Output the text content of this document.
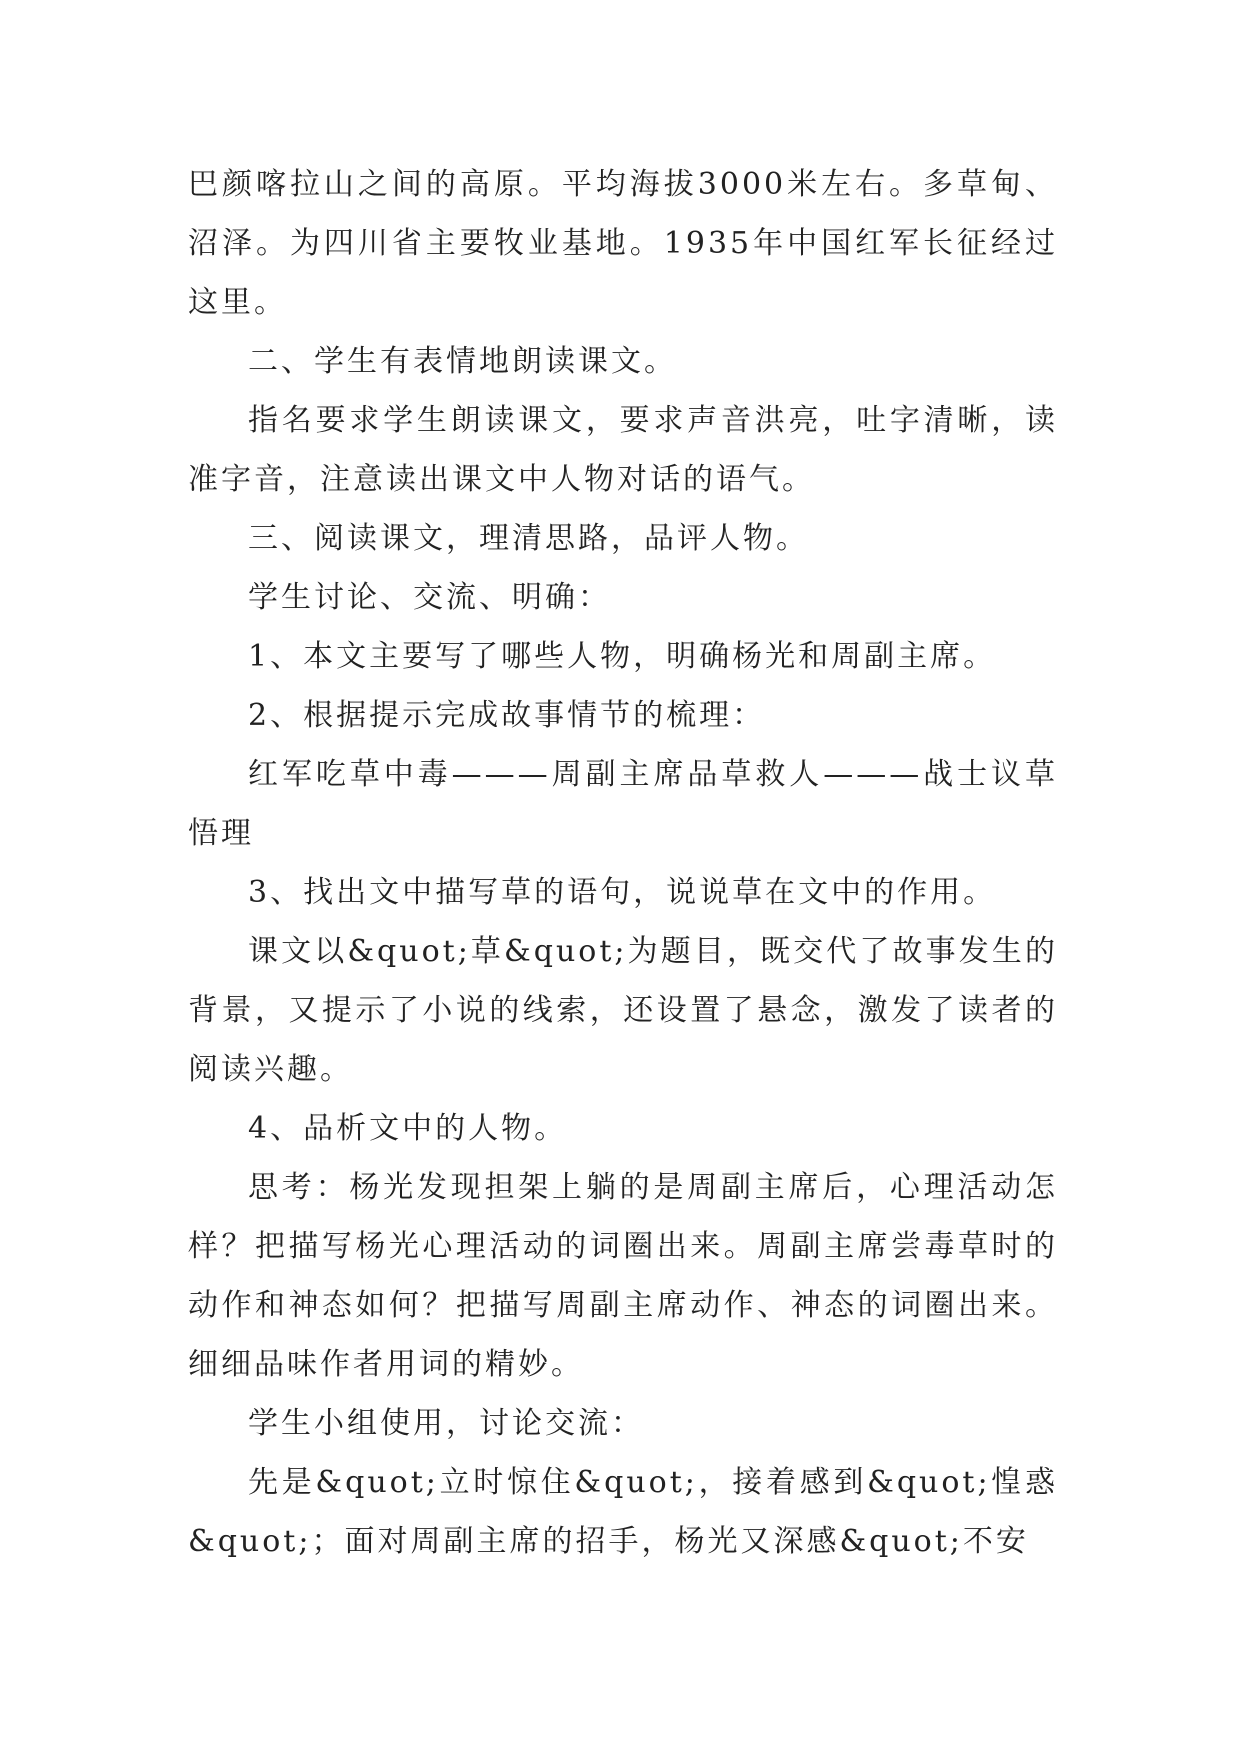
巴颜喀拉山之间的高原。平均海拔3000米左右。多草甸、沼泽。为四川省主要牧业基地。1935年中国红军长征经过这里。

二、学生有表情地朗读课文。

指名要求学生朗读课文，要求声音洪亮，吐字清晰，读准字音，注意读出课文中人物对话的语气。

三、阅读课文，理清思路，品评人物。

学生讨论、交流、明确：

1、本文主要写了哪些人物，明确杨光和周副主席。

2、根据提示完成故事情节的梳理：

红军吃草中毒———周副主席品草救人———战士议草悟理

3、找出文中描写草的语句，说说草在文中的作用。

课文以&quot;草&quot;为题目，既交代了故事发生的背景，又提示了小说的线索，还设置了悬念，激发了读者的阅读兴趣。

4、品析文中的人物。

思考：杨光发现担架上躺的是周副主席后，心理活动怎样？把描写杨光心理活动的词圈出来。周副主席尝毒草时的动作和神态如何？把描写周副主席动作、神态的词圈出来。细细品味作者用词的精妙。

学生小组使用，讨论交流：

先是&quot;立时惊住&quot;，接着感到&quot;惶惑&quot;；面对周副主席的招手，杨光又深感&quot;不安
